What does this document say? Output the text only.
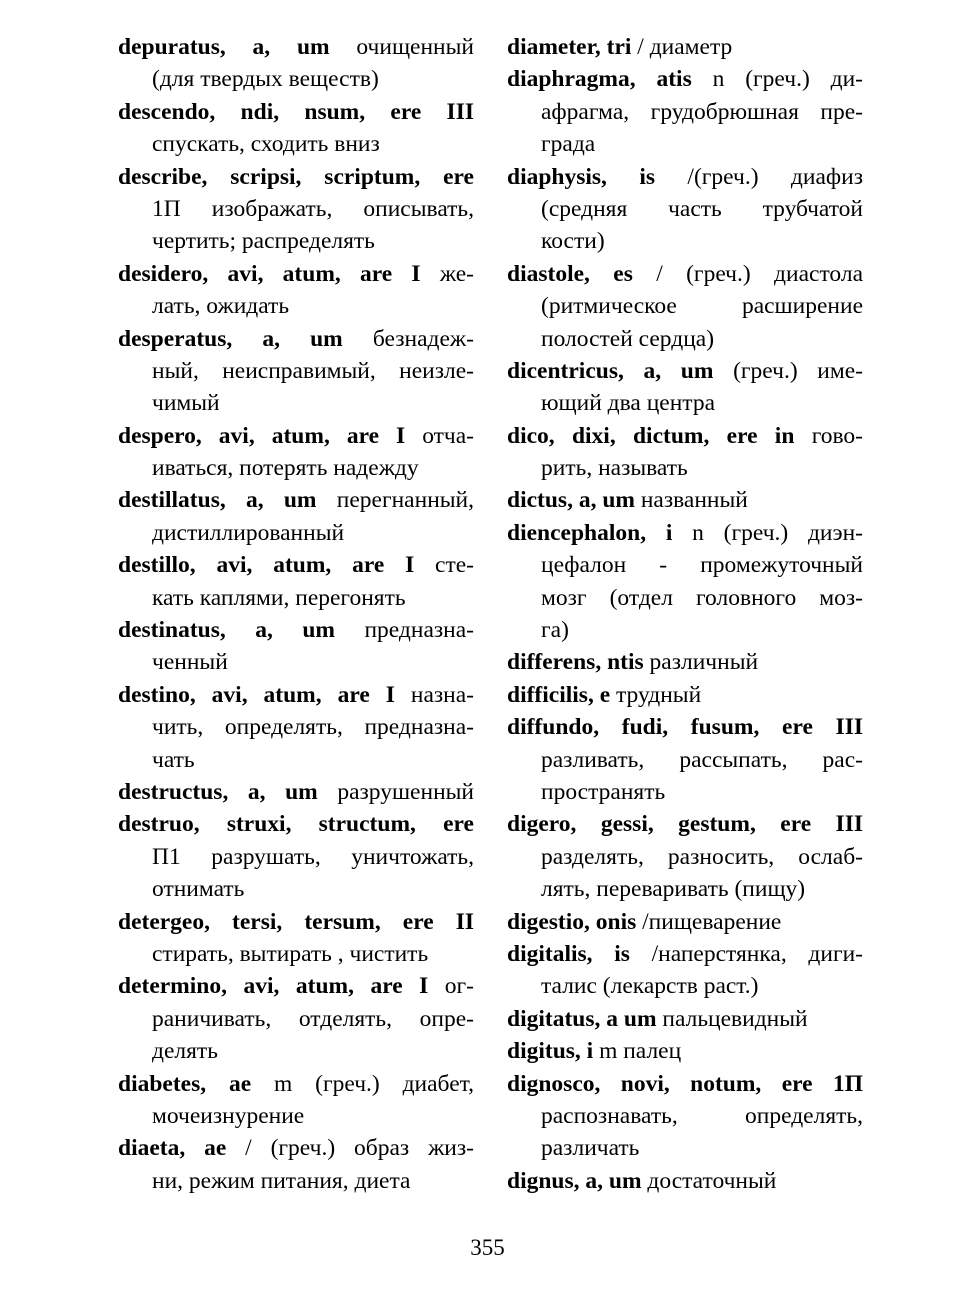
depuratus, a, um очищенный
(для твердых веществ)
descendo, ndi, nsum, ere III
спускать, сходить вниз
describe, scripsi, scriptum, ere
1П изображать, описывать,
чертить; распределять
desidero, avi, atum, are I же-
лать, ожидать
desperatus, a, um безнадеж-
ный, неисправимый, неизле-
чимый
despero, avi, atum, are I отча-
иваться, потерять надежду
destillatus, a, um перегнанный,
дистиллированный
destillo, avi, atum, are I сте-
кать каплями, перегонять
destinatus, a, um предназна-
ченный
destino, avi, atum, are I назна-
чить, определять, предназна-
чать
destructus, a, um разрушенный
destruo, struxi, structum, ere
П1 разрушать, уничтожать,
отнимать
detergeo, tersi, tersum, ere II
стирать, вытирать , чистить
determino, avi, atum, are I ог-
раничивать, отделять, опре-
делять
diabetes, ae m (греч.) диабет,
мочеизнурение
diaeta, ae / (греч.) образ жиз-
ни, режим питания, диета
diameter, tri / диаметр
diaphragma, atis n (греч.) ди-
афрагма, грудобрюшная пре-
града
diaphysis, is /(греч.) диафиз
(средняя часть трубчатой
кости)
diastole, es / (греч.) диастола
(ритмическое расширение
полостей сердца)
dicentricus, a, um (греч.) име-
ющий два центра
dico, dixi, dictum, ere in гово-
рить, называть
dictus, a, um названный
diencephalon, i n (греч.) диэн-
цефалон - промежуточный
мозг (отдел головного моз-
га)
differens, ntis различный
difficilis, e трудный
diffundo, fudi, fusum, ere III
разливать, рассыпать, рас-
пространять
digero, gessi, gestum, ere III
разделять, разносить, ослаб-
лять, переваривать (пищу)
digestio, onis /пищеварение
digitalis, is /наперстянка, диги-
талис (лекарств раст.)
digitatus, a um пальцевидный
digitus, i m палец
dignosco, novi, notum, ere 1П
распознавать, определять,
различать
dignus, a, um достаточный
355
